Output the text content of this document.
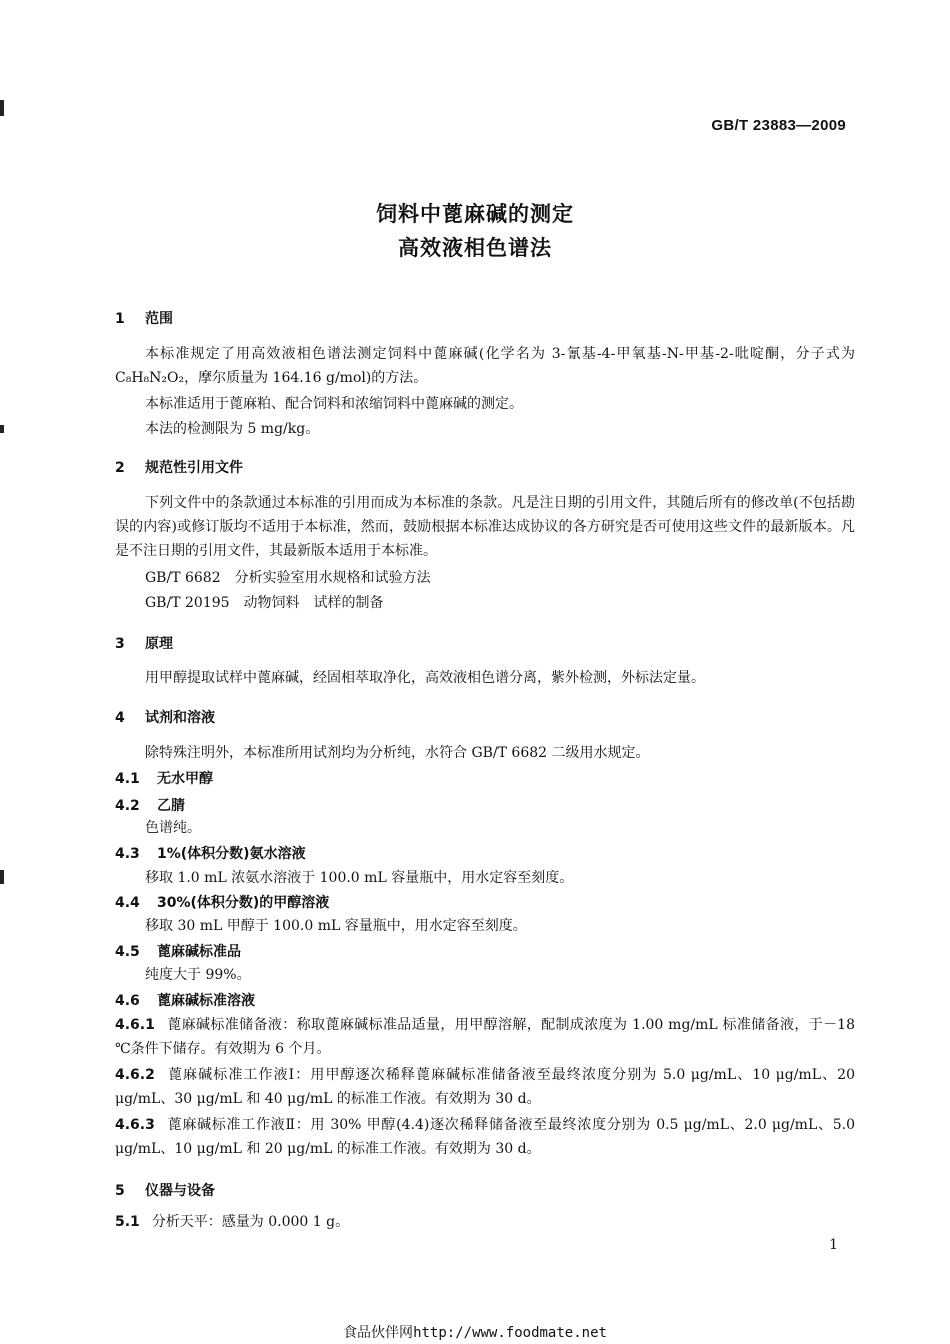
GB/T 23883—2009
饲料中蓖麻碱的测定
高效液相色谱法
1 范围
本标准规定了用高效液相色谱法测定饲料中蓖麻碱(化学名为 3-氰基-4-甲氧基-N-甲基-2-吡啶酮，分子式为 C₈H₈N₂O₂，摩尔质量为 164.16 g/mol)的方法。
本标准适用于蓖麻粕、配合饲料和浓缩饲料中蓖麻碱的测定。
本法的检测限为 5 mg/kg。
2 规范性引用文件
下列文件中的条款通过本标准的引用而成为本标准的条款。凡是注日期的引用文件，其随后所有的修改单(不包括勘误的内容)或修订版均不适用于本标准，然而，鼓励根据本标准达成协议的各方研究是否可使用这些文件的最新版本。凡是不注日期的引用文件，其最新版本适用于本标准。
GB/T 6682　分析实验室用水规格和试验方法
GB/T 20195　动物饲料　试样的制备
3 原理
用甲醇提取试样中蓖麻碱，经固相萃取净化，高效液相色谱分离，紫外检测，外标法定量。
4 试剂和溶液
除特殊注明外，本标准所用试剂均为分析纯，水符合 GB/T 6682 二级用水规定。
4.1 无水甲醇
4.2 乙腈
色谱纯。
4.3 1%(体积分数)氨水溶液
移取 1.0 mL 浓氨水溶液于 100.0 mL 容量瓶中，用水定容至刻度。
4.4 30%(体积分数)的甲醇溶液
移取 30 mL 甲醇于 100.0 mL 容量瓶中，用水定容至刻度。
4.5 蓖麻碱标准品
纯度大于 99%。
4.6 蓖麻碱标准溶液
4.6.1 蓖麻碱标准储备液：称取蓖麻碱标准品适量，用甲醇溶解，配制成浓度为 1.00 mg/mL 标准储备液，于－18 ℃条件下储存。有效期为 6 个月。
4.6.2 蓖麻碱标准工作液Ⅰ：用甲醇逐次稀释蓖麻碱标准储备液至最终浓度分别为 5.0 μg/mL、10 μg/mL、20 μg/mL、30 μg/mL 和 40 μg/mL 的标准工作液。有效期为 30 d。
4.6.3 蓖麻碱标准工作液Ⅱ：用 30% 甲醇(4.4)逐次稀释储备液至最终浓度分别为 0.5 μg/mL、2.0 μg/mL、5.0 μg/mL、10 μg/mL 和 20 μg/mL 的标准工作液。有效期为 30 d。
5 仪器与设备
5.1 分析天平：感量为 0.000 1 g。
1
食品伙伴网http://www.foodmate.net
